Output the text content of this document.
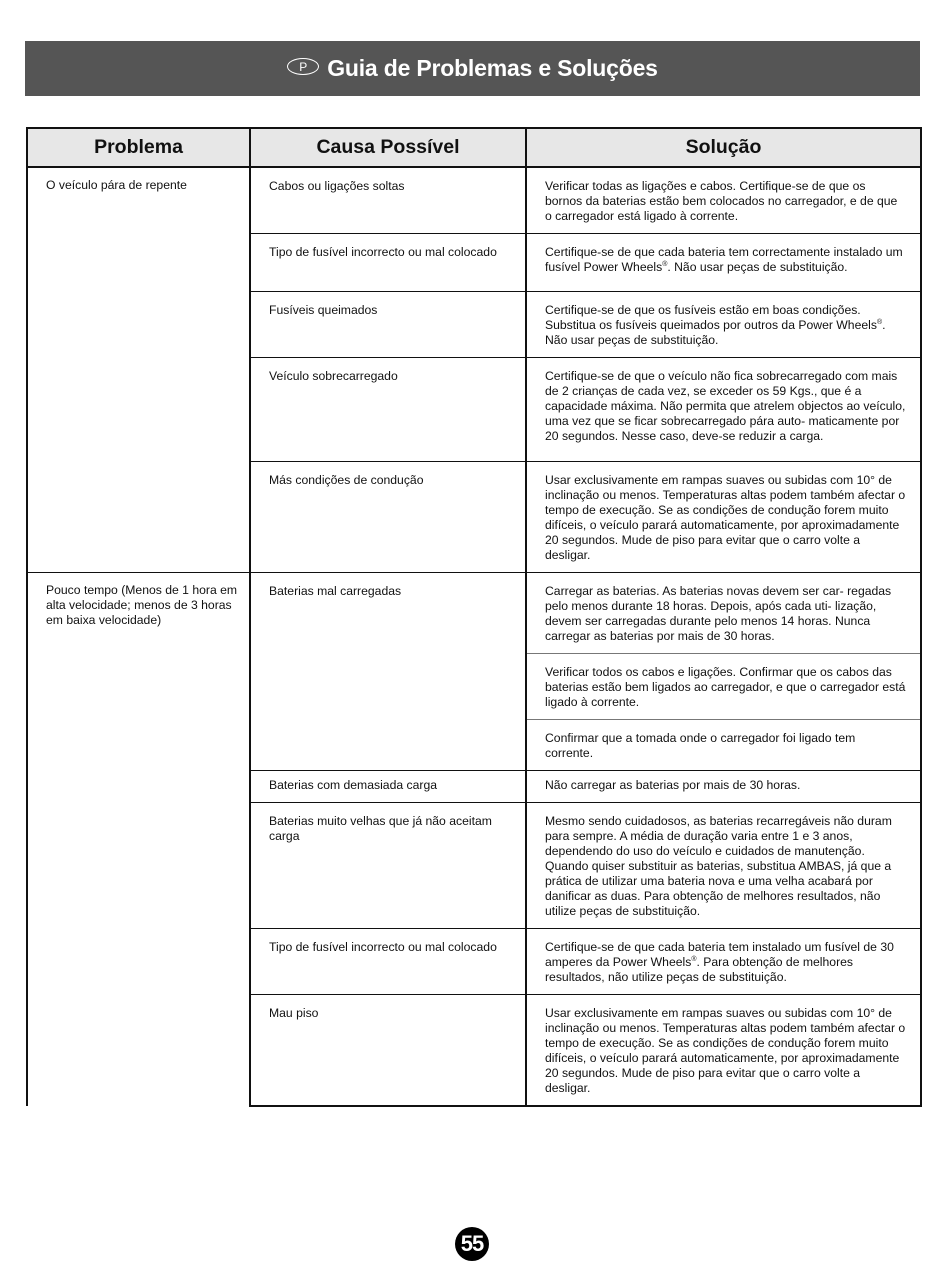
P Guia de Problemas e Soluções
Problema	Causa Possível	Solução
O veículo pára de repente	Cabos ou ligações soltas	Verificar todas as ligações e cabos. Certifique-se de que os bornos da baterias estão bem colocados no carregador, e de que o carregador está ligado à corrente.
	Tipo de fusível incorrecto ou mal colocado	Certifique-se de que cada bateria tem correctamente instalado um fusível Power Wheels®. Não usar peças de substituição.
	Fusíveis queimados	Certifique-se de que os fusíveis estão em boas condições. Substitua os fusíveis queimados por outros da Power Wheels®. Não usar peças de substituição.
	Veículo sobrecarregado	Certifique-se de que o veículo não fica sobrecarregado com mais de 2 crianças de cada vez, se exceder os 59 Kgs., que é a capacidade máxima. Não permita que atrelem objectos ao veículo, uma vez que se ficar sobrecarregado pára auto- maticamente por 20 segundos. Nesse caso, deve-se reduzir a carga.
	Más condições de condução	Usar exclusivamente em rampas suaves ou subidas com 10° de inclinação ou menos. Temperaturas altas podem também afectar o tempo de execução. Se as condições de condução forem muito difíceis, o veículo parará automaticamente, por aproximadamente 20 segundos. Mude de piso para evitar que o carro volte a desligar.
Pouco tempo (Menos de 1 hora em alta velocidade; menos de 3 horas em baixa velocidade)	Baterias mal carregadas	Carregar as baterias. As baterias novas devem ser car- regadas pelo menos durante 18 horas. Depois, após cada uti- lização, devem ser carregadas durante pelo menos 14 horas. Nunca carregar as baterias por mais de 30 horas.
		Verificar todos os cabos e ligações. Confirmar que os cabos das baterias estão bem ligados ao carregador, e que o carregador está ligado à corrente.
		Confirmar que a tomada onde o carregador foi ligado tem corrente.
	Baterias com demasiada carga	Não carregar as baterias por mais de 30 horas.
	Baterias muito velhas que já não aceitam carga	Mesmo sendo cuidadosos, as baterias recarregáveis não duram para sempre. A média de duração varia entre 1 e 3 anos, dependendo do uso do veículo e cuidados de manutenção. Quando quiser substituir as baterias, substitua AMBAS, já que a prática de utilizar uma bateria nova e uma velha acabará por danificar as duas. Para obtenção de melhores resultados, não utilize peças de substituição.
	Tipo de fusível incorrecto ou mal colocado	Certifique-se de que cada bateria tem instalado um fusível de 30 amperes da Power Wheels®. Para obtenção de melhores resultados, não utilize peças de substituição.
	Mau piso	Usar exclusivamente em rampas suaves ou subidas com 10° de inclinação ou menos. Temperaturas altas podem também afectar o tempo de execução. Se as condições de condução forem muito difíceis, o veículo parará automaticamente, por aproximadamente 20 segundos. Mude de piso para evitar que o carro volte a desligar.
55
